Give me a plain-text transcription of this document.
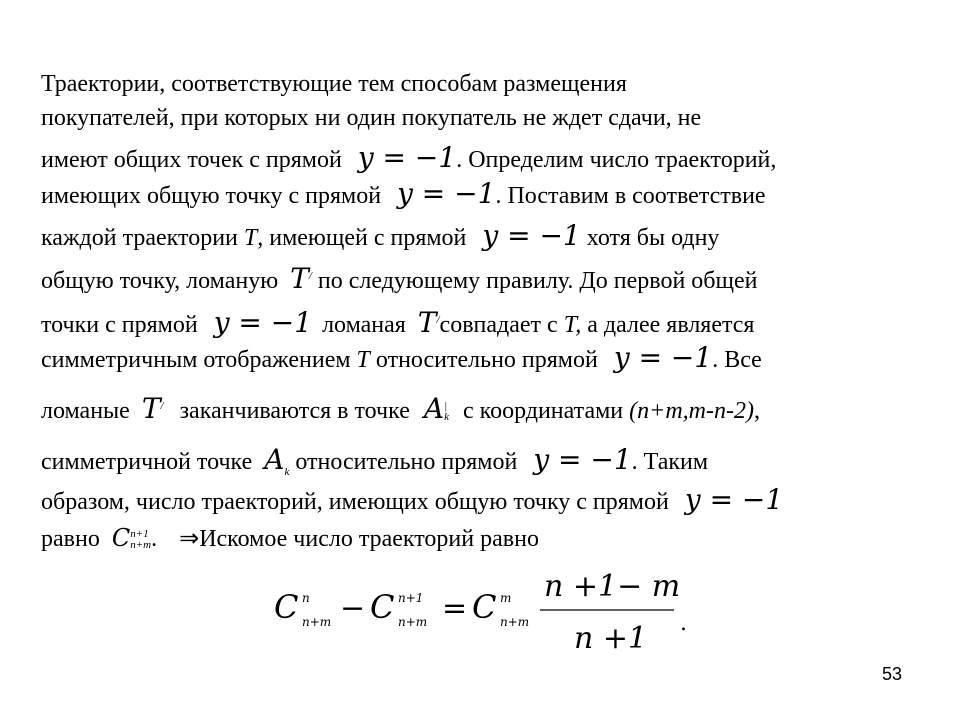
Траектории, соответствующие тем способам размещения
покупателей, при которых ни один покупатель не ждет сдачи, не
имеют общих точек с прямой y = −1. Определим число траекторий,
имеющих общую точку с прямой y = −1. Поставим в соответствие
каждой траектории T, имеющей с прямой y = −1 хотя бы одну
общую точку, ломаную T/ по следующему правилу. До первой общей
точки с прямой y = −1 ломаная T/совпадает с T, а далее является
симметричным отображением T относительно прямой y = −1. Все
ломаные T/ заканчиваются в точке A|
k с координатами (n+m,m-n-2),
симметричной точке $A_k$ относительно прямой y = −1. Таким
образом, число траекторий, имеющих общую точку с прямой y = −1
равно Cn+1
n+m. ⇒Искомое число траекторий равно
C n
n+m − C n+1
n+m = C m
n+m
n +1− m
n +1 .
53
